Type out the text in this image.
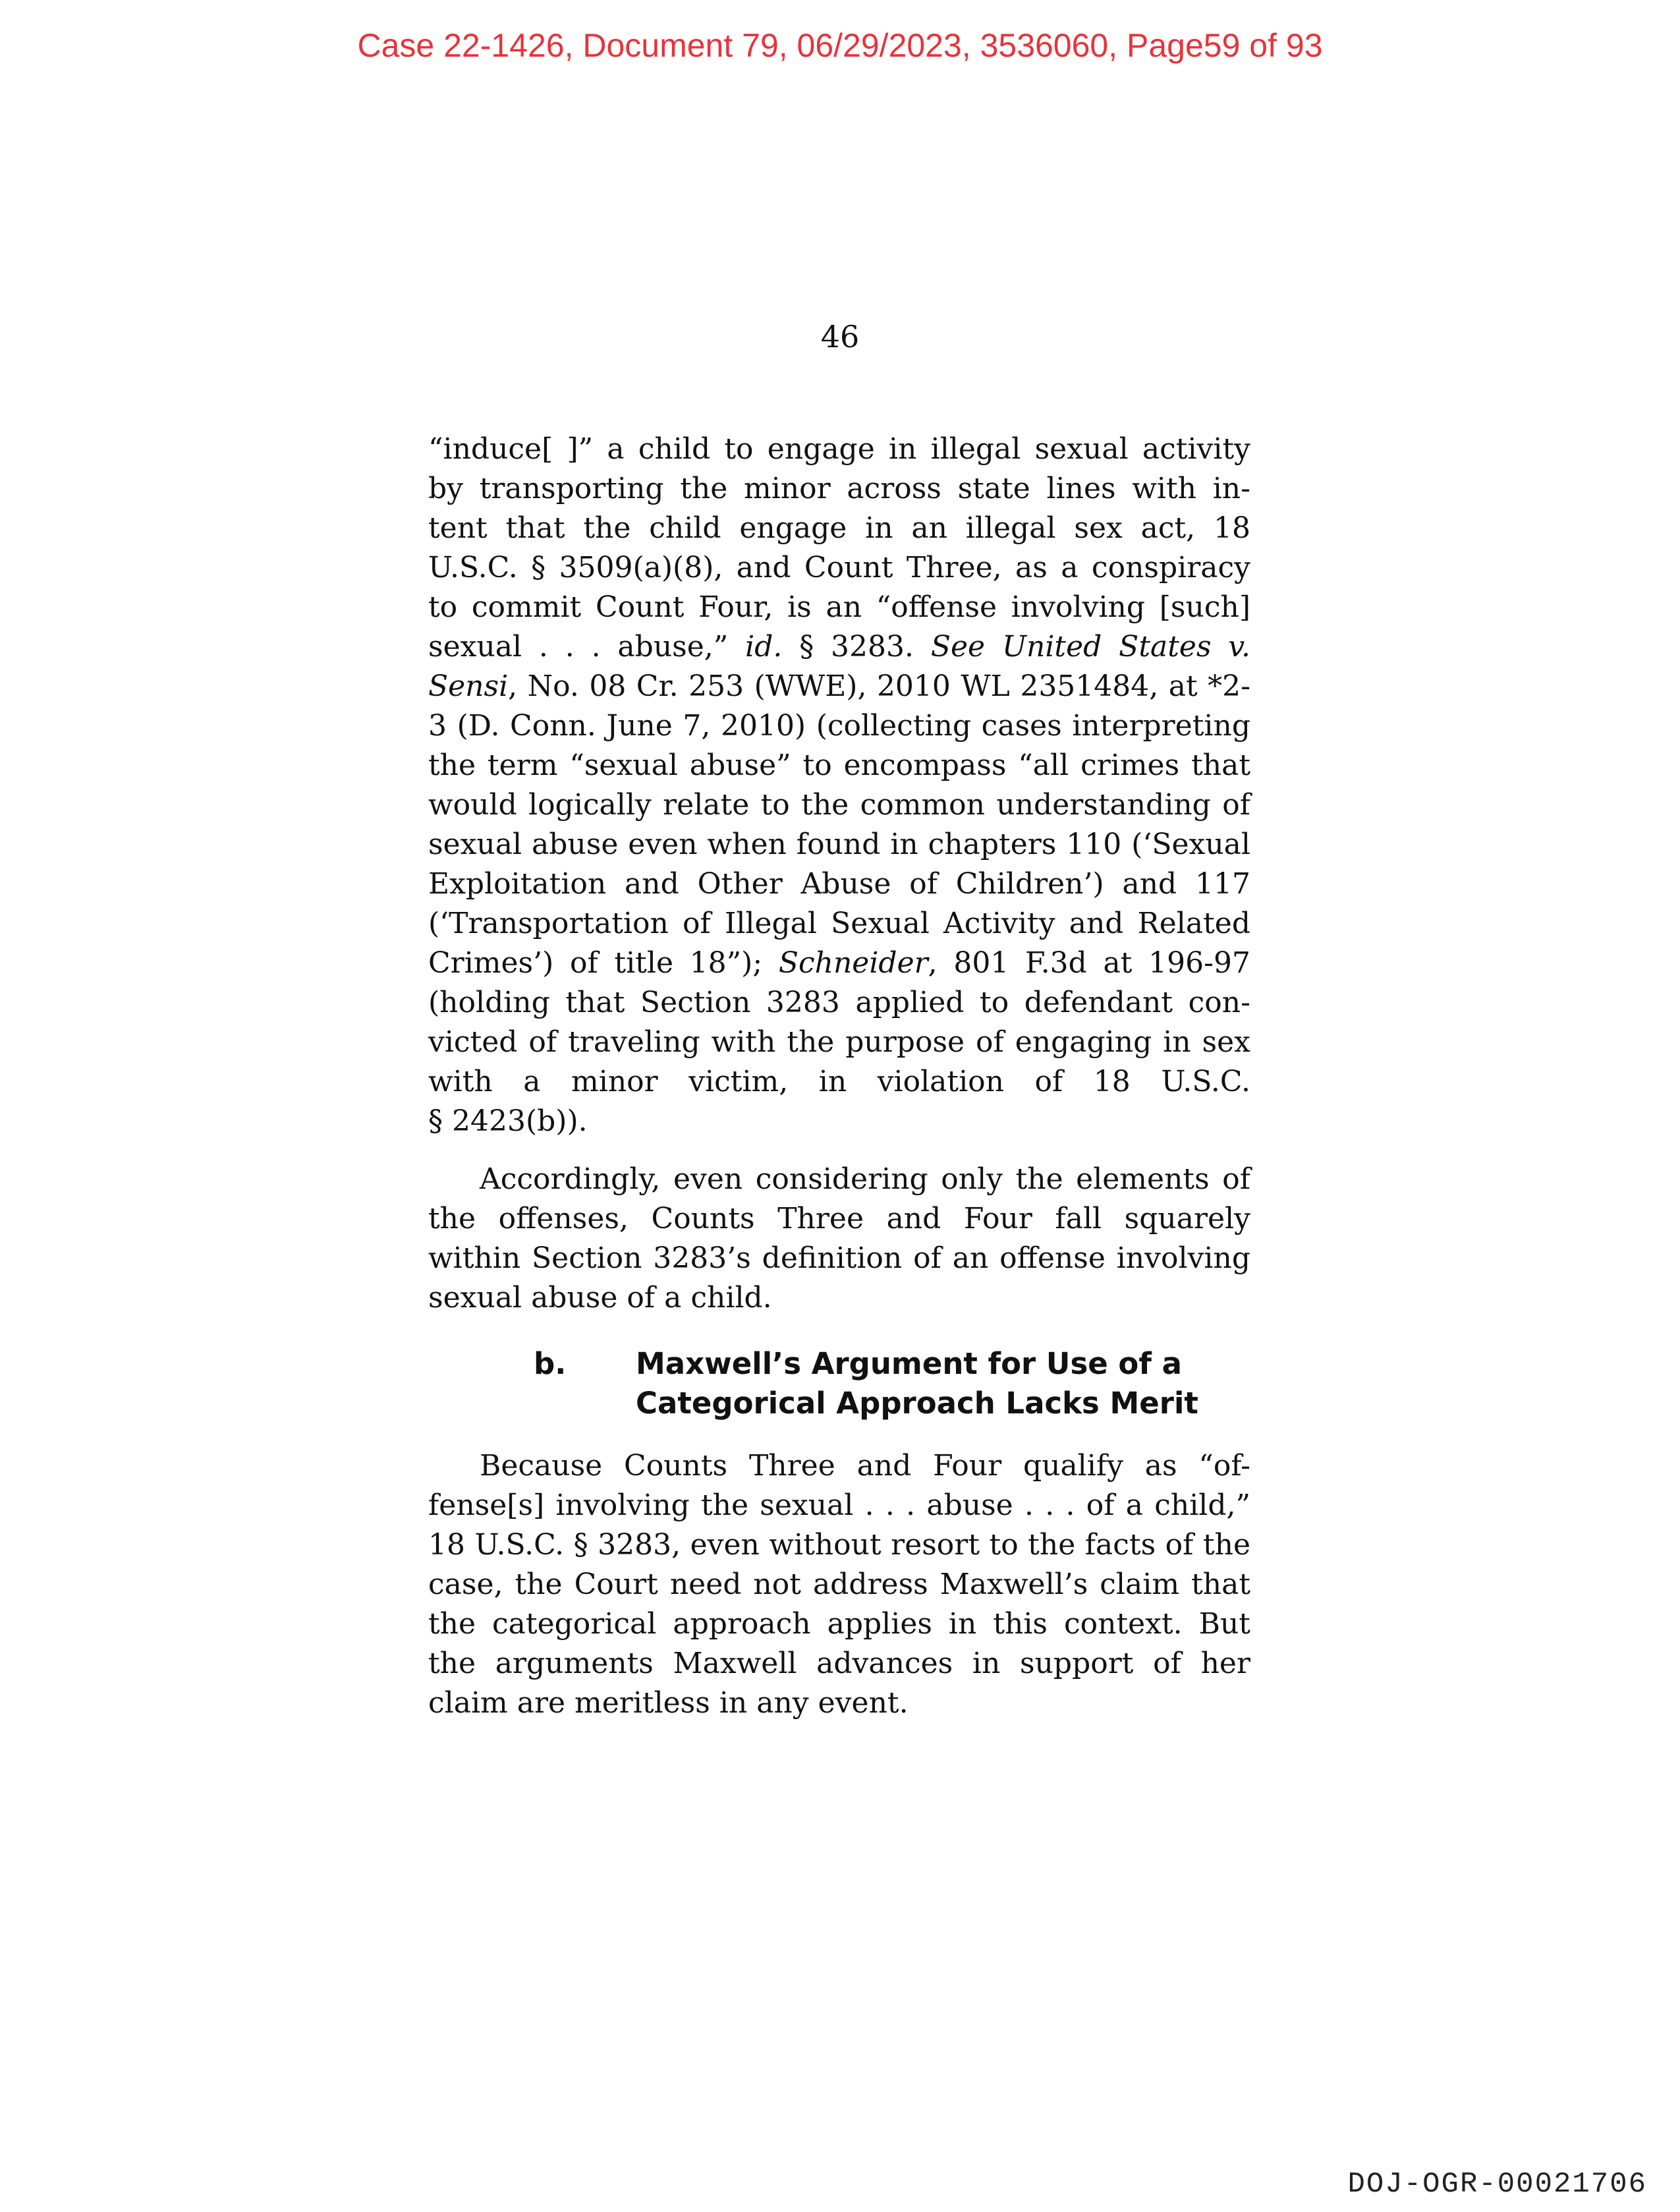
Case 22-1426, Document 79, 06/29/2023, 3536060, Page59 of 93
46
“induce[ ]” a child to engage in illegal sexual activity
by transporting the minor across state lines with in-
tent that the child engage in an illegal sex act, 18
U.S.C. § 3509(a)(8), and Count Three, as a conspiracy
to commit Count Four, is an “offense involving [such]
sexual . . . abuse,” id. § 3283. See United States v.
Sensi, No. 08 Cr. 253 (WWE), 2010 WL 2351484, at *2-
3 (D. Conn. June 7, 2010) (collecting cases interpreting
the term “sexual abuse” to encompass “all crimes that
would logically relate to the common understanding of
sexual abuse even when found in chapters 110 (‘Sexual
Exploitation and Other Abuse of Children’) and 117
(‘Transportation of Illegal Sexual Activity and Related
Crimes’) of title 18”); Schneider, 801 F.3d at 196-97
(holding that Section 3283 applied to defendant con-
victed of traveling with the purpose of engaging in sex
with a minor victim, in violation of 18 U.S.C.
§ 2423(b)).
Accordingly, even considering only the elements of
the offenses, Counts Three and Four fall squarely
within Section 3283’s definition of an offense involving
sexual abuse of a child.
b. Maxwell’s Argument for Use of a
Categorical Approach Lacks Merit
Because Counts Three and Four qualify as “of-
fense[s] involving the sexual . . . abuse . . . of a child,”
18 U.S.C. § 3283, even without resort to the facts of the
case, the Court need not address Maxwell’s claim that
the categorical approach applies in this context. But
the arguments Maxwell advances in support of her
claim are meritless in any event.
DOJ-OGR-00021706
